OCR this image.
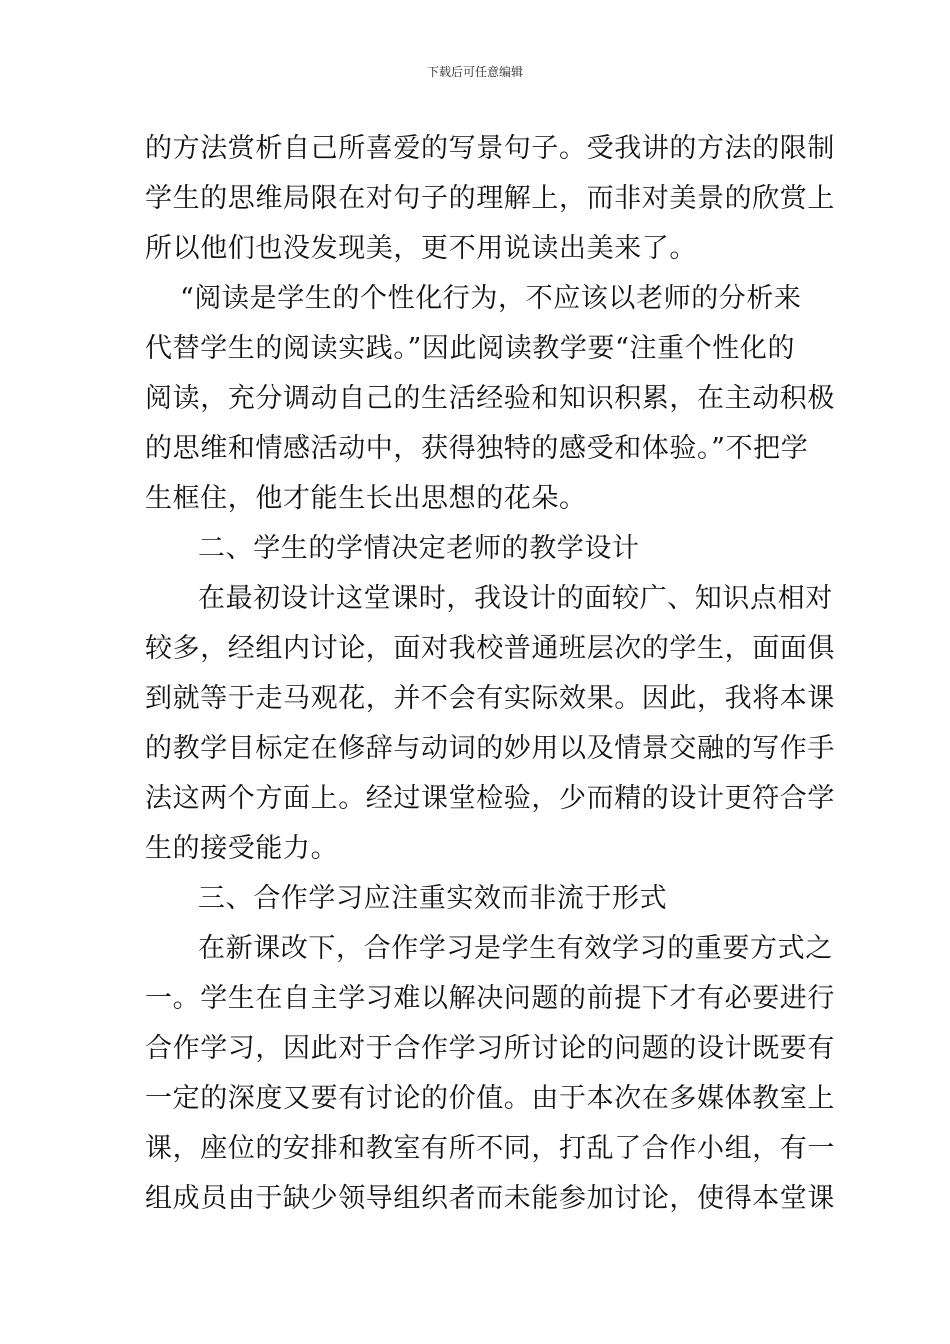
下载后可任意编辑
的方法赏析自己所喜爱的写景句子。受我讲的方法的限制
学生的思维局限在对句子的理解上，而非对美景的欣赏上
所以他们也没发现美，更不用说读出美来了。
“阅读是学生的个性化行为，不应该以老师的分析来
代替学生的阅读实践。”因此阅读教学要“注重个性化的
阅读，充分调动自己的生活经验和知识积累，在主动积极
的思维和情感活动中，获得独特的感受和体验。”不把学
生框住，他才能生长出思想的花朵。
二、学生的学情决定老师的教学设计
在最初设计这堂课时，我设计的面较广、知识点相对
较多，经组内讨论，面对我校普通班层次的学生，面面俱
到就等于走马观花，并不会有实际效果。因此，我将本课
的教学目标定在修辞与动词的妙用以及情景交融的写作手
法这两个方面上。经过课堂检验，少而精的设计更符合学
生的接受能力。
三、合作学习应注重实效而非流于形式
在新课改下，合作学习是学生有效学习的重要方式之
一。学生在自主学习难以解决问题的前提下才有必要进行
合作学习，因此对于合作学习所讨论的问题的设计既要有
一定的深度又要有讨论的价值。由于本次在多媒体教室上
课，座位的安排和教室有所不同，打乱了合作小组，有一
组成员由于缺少领导组织者而未能参加讨论，使得本堂课
